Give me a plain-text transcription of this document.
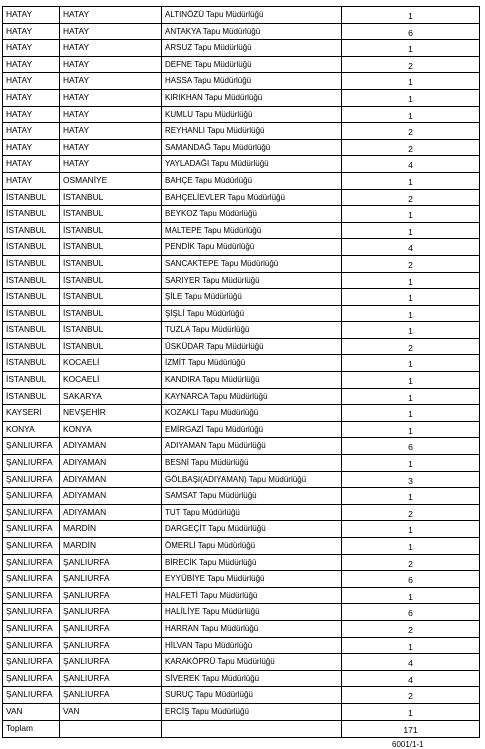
HATAY	HATAY	ALTINÖZÜ Tapu Müdürlüğü	1
HATAY	HATAY	ANTAKYA Tapu Müdürlüğü	6
HATAY	HATAY	ARSUZ Tapu Müdürlüğü	1
HATAY	HATAY	DEFNE Tapu Müdürlüğü	2
HATAY	HATAY	HASSA Tapu Müdürlüğü	1
HATAY	HATAY	KIRIKHAN Tapu Müdürlüğü	1
HATAY	HATAY	KUMLU Tapu Müdürlüğü	1
HATAY	HATAY	REYHANLI Tapu Müdürlüğü	2
HATAY	HATAY	SAMANDAĞ Tapu Müdürlüğü	2
HATAY	HATAY	YAYLADAĞI Tapu Müdürlüğü	4
HATAY	OSMANİYE	BAHÇE Tapu Müdürlüğü	1
İSTANBUL	İSTANBUL	BAHÇELİEVLER Tapu Müdürlüğü	2
İSTANBUL	İSTANBUL	BEYKOZ Tapu Müdürlüğü	1
İSTANBUL	İSTANBUL	MALTEPE Tapu Müdürlüğü	1
İSTANBUL	İSTANBUL	PENDİK Tapu Müdürlüğü	4
İSTANBUL	İSTANBUL	SANCAKTEPE Tapu Müdürlüğü	2
İSTANBUL	İSTANBUL	SARIYER Tapu Müdürlüğü	1
İSTANBUL	İSTANBUL	ŞİLE Tapu Müdürlüğü	1
İSTANBUL	İSTANBUL	ŞİŞLİ Tapu Müdürlüğü	1
İSTANBUL	İSTANBUL	TUZLA Tapu Müdürlüğü	1
İSTANBUL	İSTANBUL	ÜSKÜDAR Tapu Müdürlüğü	2
İSTANBUL	KOCAELİ	İZMİT Tapu Müdürlüğü	1
İSTANBUL	KOCAELİ	KANDIRA Tapu Müdürlüğü	1
İSTANBUL	SAKARYA	KAYNARCA Tapu Müdürlüğü	1
KAYSERİ	NEVŞEHİR	KOZAKLI Tapu Müdürlüğü	1
KONYA	KONYA	EMİRGAZİ Tapu Müdürlüğü	1
ŞANLIURFA	ADIYAMAN	ADIYAMAN Tapu Müdürlüğü	6
ŞANLIURFA	ADIYAMAN	BESNİ Tapu Müdürlüğü	1
ŞANLIURFA	ADIYAMAN	GÖLBAŞI(ADIYAMAN) Tapu Müdürlüğü	3
ŞANLIURFA	ADIYAMAN	SAMSAT Tapu Müdürlüğü	1
ŞANLIURFA	ADIYAMAN	TUT Tapu Müdürlüğü	2
ŞANLIURFA	MARDİN	DARGEÇİT Tapu Müdürlüğü	1
ŞANLIURFA	MARDİN	ÖMERLİ Tapu Müdürlüğü	1
ŞANLIURFA	ŞANLIURFA	BİRECİK Tapu Müdürlüğü	2
ŞANLIURFA	ŞANLIURFA	EYYÜBİYE Tapu Müdürlüğü	6
ŞANLIURFA	ŞANLIURFA	HALFETİ Tapu Müdürlüğü	1
ŞANLIURFA	ŞANLIURFA	HALİLİYE Tapu Müdürlüğü	6
ŞANLIURFA	ŞANLIURFA	HARRAN Tapu Müdürlüğü	2
ŞANLIURFA	ŞANLIURFA	HİLVAN Tapu Müdürlüğü	1
ŞANLIURFA	ŞANLIURFA	KARAKÖPRÜ Tapu Müdürlüğü	4
ŞANLIURFA	ŞANLIURFA	SİVEREK Tapu Müdürlüğü	4
ŞANLIURFA	ŞANLIURFA	SURUÇ Tapu Müdürlüğü	2
VAN	VAN	ERCİŞ Tapu Müdürlüğü	1
Toplam			171
6001/1-1
